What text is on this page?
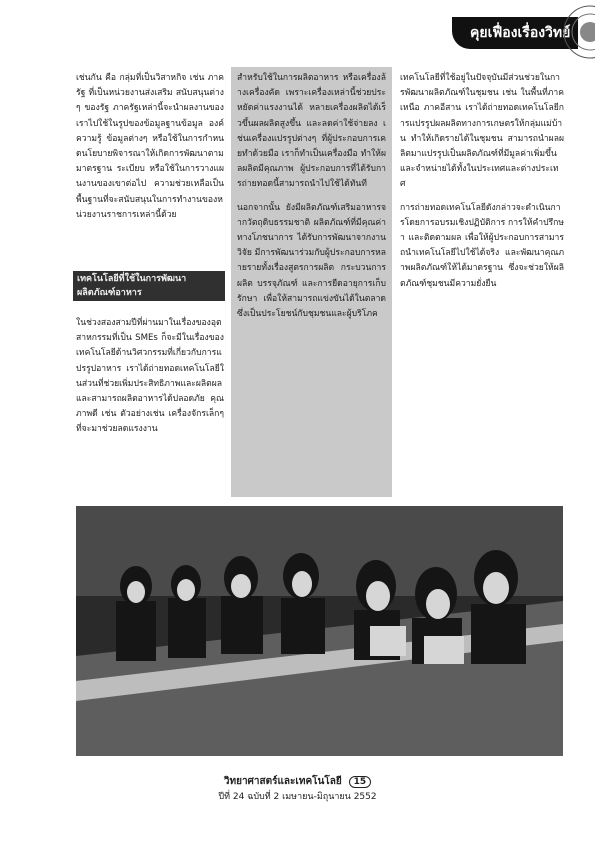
คุยเฟื่องเรื่องวิทย์

เช่นกัน คือ กลุ่มที่เป็นวิสาหกิจ เช่น ภาครัฐ ที่เป็นหน่วยงานส่งเสริม สนับสนุนต่างๆ ของรัฐ ภาครัฐเหล่านี้จะนำผลงานของเราไปใช้ในรูปของข้อมูลฐานข้อมูล องค์ความรู้ ข้อมูลต่างๆ หรือใช้ในการกำหนดนโยบายพิจารณาให้เกิดการพัฒนาตามมาตรฐาน ระเบียบ หรือใช้ในการวางแผนงานของเขาต่อไป ความช่วยเหลือเป็นพื้นฐานที่จะสนับสนุนในการทำงานของหน่วยงานราชการเหล่านี้ด้วย

เทคโนโลยีที่ใช้ในการพัฒนาผลิตภัณฑ์อาหาร

ในช่วงสองสามปีที่ผ่านมาในเรื่องของอุตสาหกรรมที่เป็น SMEs ก็จะมีในเรื่องของเทคโนโลยีด้านวิศวกรรมที่เกี่ยวกับการแปรรูปอาหาร เราได้ถ่ายทอดเทคโนโลยีในส่วนที่ช่วยเพิ่มประสิทธิภาพและผลิตผล และสามารถผลิตอาหารได้ปลอดภัย คุณภาพดี เช่น ตัวอย่างเช่น เครื่องจักรเล็กๆ ที่จะมาช่วยลดแรงงาน

สำหรับใช้ในการผลิตอาหาร หรือเครื่องล้างเครื่องคัด เพราะเครื่องเหล่านี้ช่วยประหยัดค่าแรงงานได้ หลายเครื่องผลิตได้เร็วขึ้นผลผลิตสูงขึ้น และลดค่าใช้จ่ายลง เช่นเครื่องแปรรูปต่างๆ ที่ผู้ประกอบการเคยทำด้วยมือ เราก็ทำเป็นเครื่องมือ ทำให้ผลผลิตมีคุณภาพ ผู้ประกอบการที่ได้รับการถ่ายทอดนี้สามารถนำไปใช้ได้ทันที

นอกจากนั้น ยังมีผลิตภัณฑ์เสริมอาหารจากวัตถุดิบธรรมชาติ ผลิตภัณฑ์ที่มีคุณค่าทางโภชนาการ ได้รับการพัฒนาจากงานวิจัย มีการพัฒนาร่วมกับผู้ประกอบการหลายรายทั้งเรื่องสูตรการผลิต กระบวนการผลิต บรรจุภัณฑ์ และการยืดอายุการเก็บรักษา เพื่อให้สามารถแข่งขันได้ในตลาด ซึ่งเป็นประโยชน์กับชุมชนและผู้บริโภค

เทคโนโลยีที่ใช้อยู่ในปัจจุบันมีส่วนช่วยในการพัฒนาผลิตภัณฑ์ในชุมชน เช่น ในพื้นที่ภาคเหนือ ภาคอีสาน เราได้ถ่ายทอดเทคโนโลยีการแปรรูปผลผลิตทางการเกษตรให้กลุ่มแม่บ้าน ทำให้เกิดรายได้ในชุมชน สามารถนำผลผลิตมาแปรรูปเป็นผลิตภัณฑ์ที่มีมูลค่าเพิ่มขึ้น และจำหน่ายได้ทั้งในประเทศและต่างประเทศ

การถ่ายทอดเทคโนโลยีดังกล่าวจะดำเนินการโดยการอบรมเชิงปฏิบัติการ การให้คำปรึกษา และติดตามผล เพื่อให้ผู้ประกอบการสามารถนำเทคโนโลยีไปใช้ได้จริง และพัฒนาคุณภาพผลิตภัณฑ์ให้ได้มาตรฐาน ซึ่งจะช่วยให้ผลิตภัณฑ์ชุมชนมีความยั่งยืน

วิทยาศาสตร์และเทคโนโลยี 15
ปีที่ 24 ฉบับที่ 2 เมษายน-มิถุนายน 2552
